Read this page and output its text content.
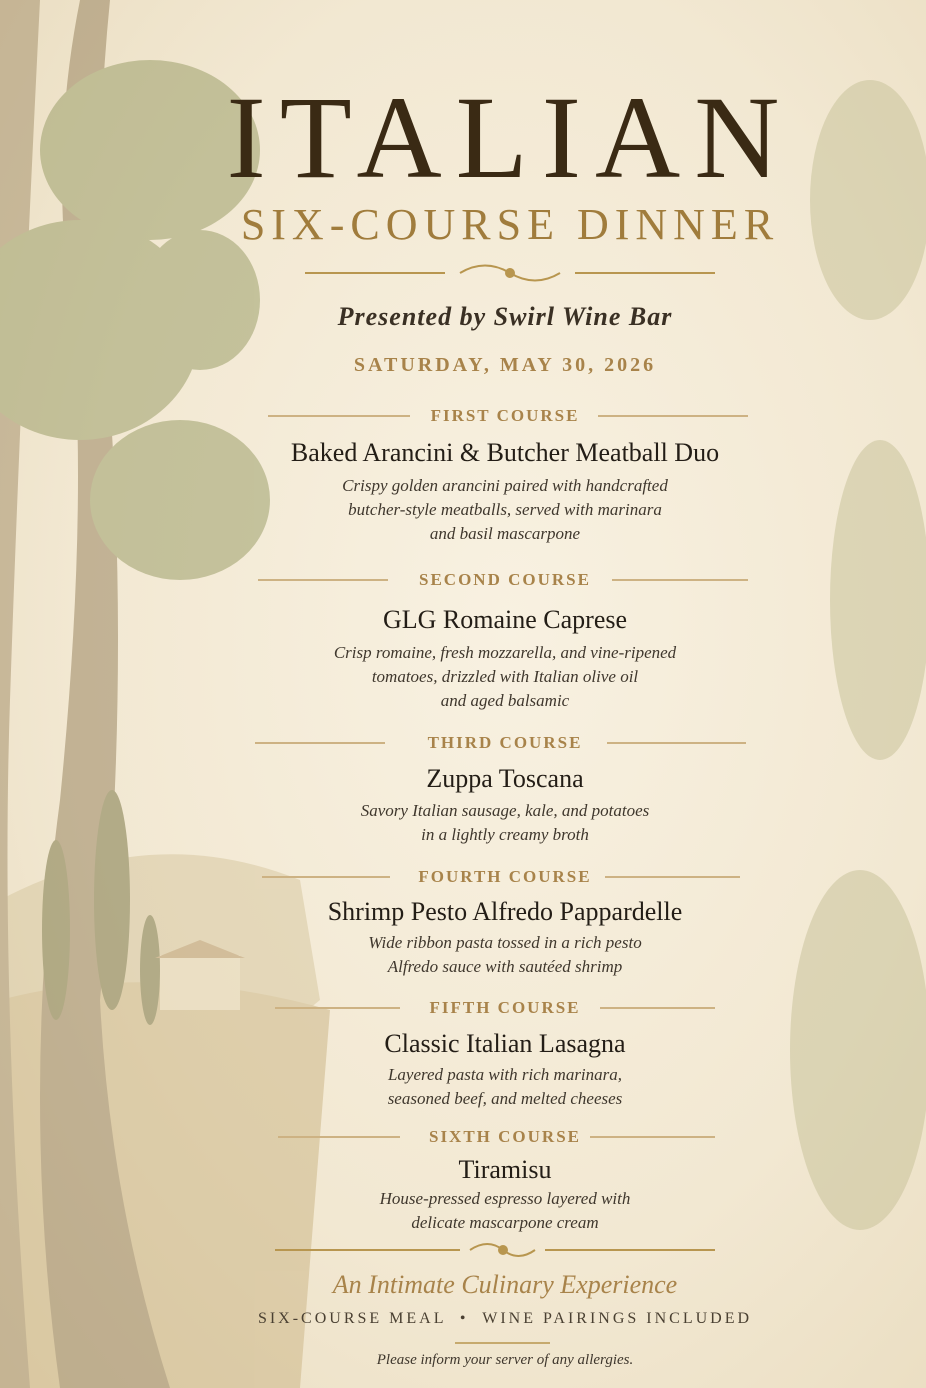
ITALIAN
SIX-COURSE DINNER
Presented by Swirl Wine Bar
SATURDAY, MAY 30, 2026
FIRST COURSE
Baked Arancini & Butcher Meatball Duo
Crispy golden arancini paired with handcrafted
butcher-style meatballs, served with marinara
and basil mascarpone
SECOND COURSE
GLG Romaine Caprese
Crisp romaine, fresh mozzarella, and vine-ripened
tomatoes, drizzled with Italian olive oil
and aged balsamic
THIRD COURSE
Zuppa Toscana
Savory Italian sausage, kale, and potatoes
in a lightly creamy broth
FOURTH COURSE
Shrimp Pesto Alfredo Pappardelle
Wide ribbon pasta tossed in a rich pesto
Alfredo sauce with sautéed shrimp
FIFTH COURSE
Classic Italian Lasagna
Layered pasta with rich marinara,
seasoned beef, and melted cheeses
SIXTH COURSE
Tiramisu
House-pressed espresso layered with
delicate mascarpone cream
An Intimate Culinary Experience
SIX-COURSE MEAL  •  WINE PAIRINGS INCLUDED
Please inform your server of any allergies.
